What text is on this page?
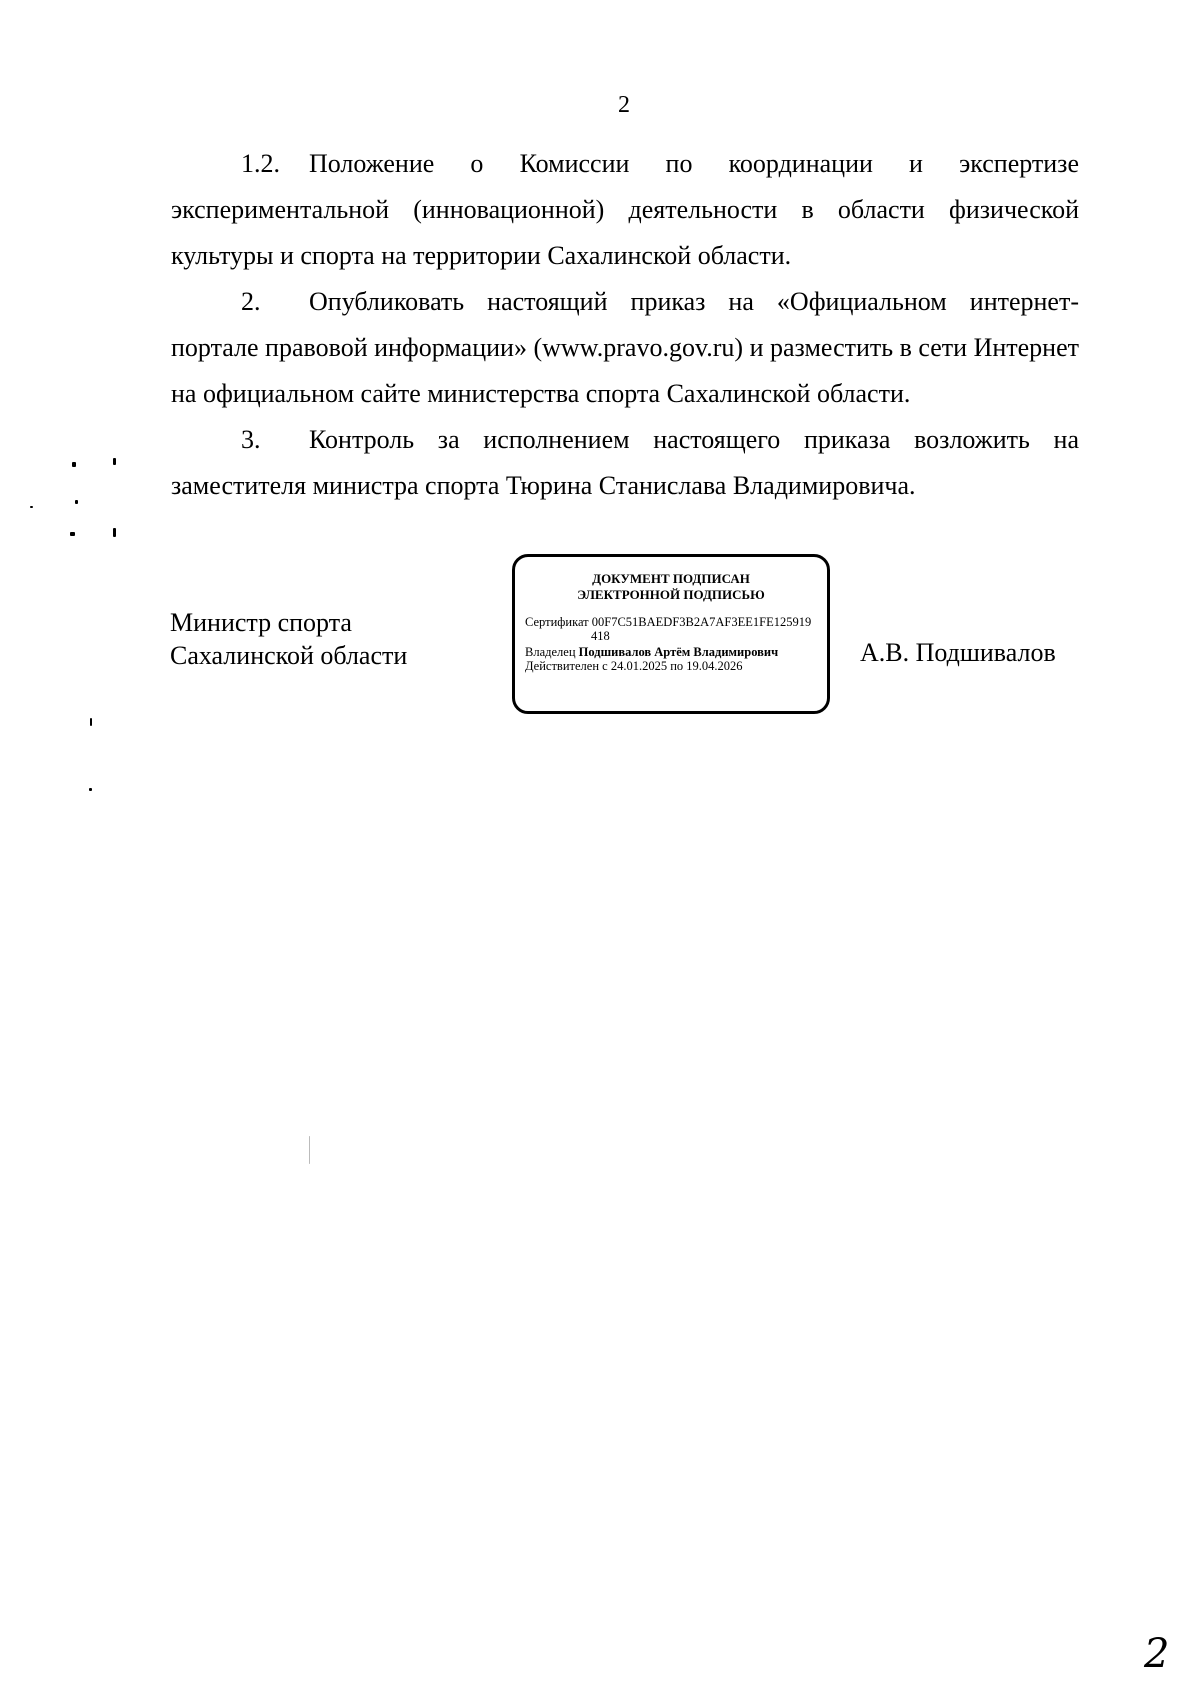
2

1.2. Положение о Комиссии по координации и экспертизе экспериментальной (инновационной) деятельности в области физической культуры и спорта на территории Сахалинской области.

2. Опубликовать настоящий приказ на «Официальном интернет-портале правовой информации» (www.pravo.gov.ru) и разместить в сети Интернет на официальном сайте министерства спорта Сахалинской области.

3. Контроль за исполнением настоящего приказа возложить на заместителя министра спорта Тюрина Станислава Владимировича.

Министр спорта
Сахалинской области

ДОКУМЕНТ ПОДПИСАН
ЭЛЕКТРОННОЙ ПОДПИСЬЮ

Сертификат 00F7C51BAEDF3B2A7AF3EE1FE125919

418

Владелец Подшивалов Артём Владимирович

Действителен с 24.01.2025 по 19.04.2026	А.В. Подшивалов

2
